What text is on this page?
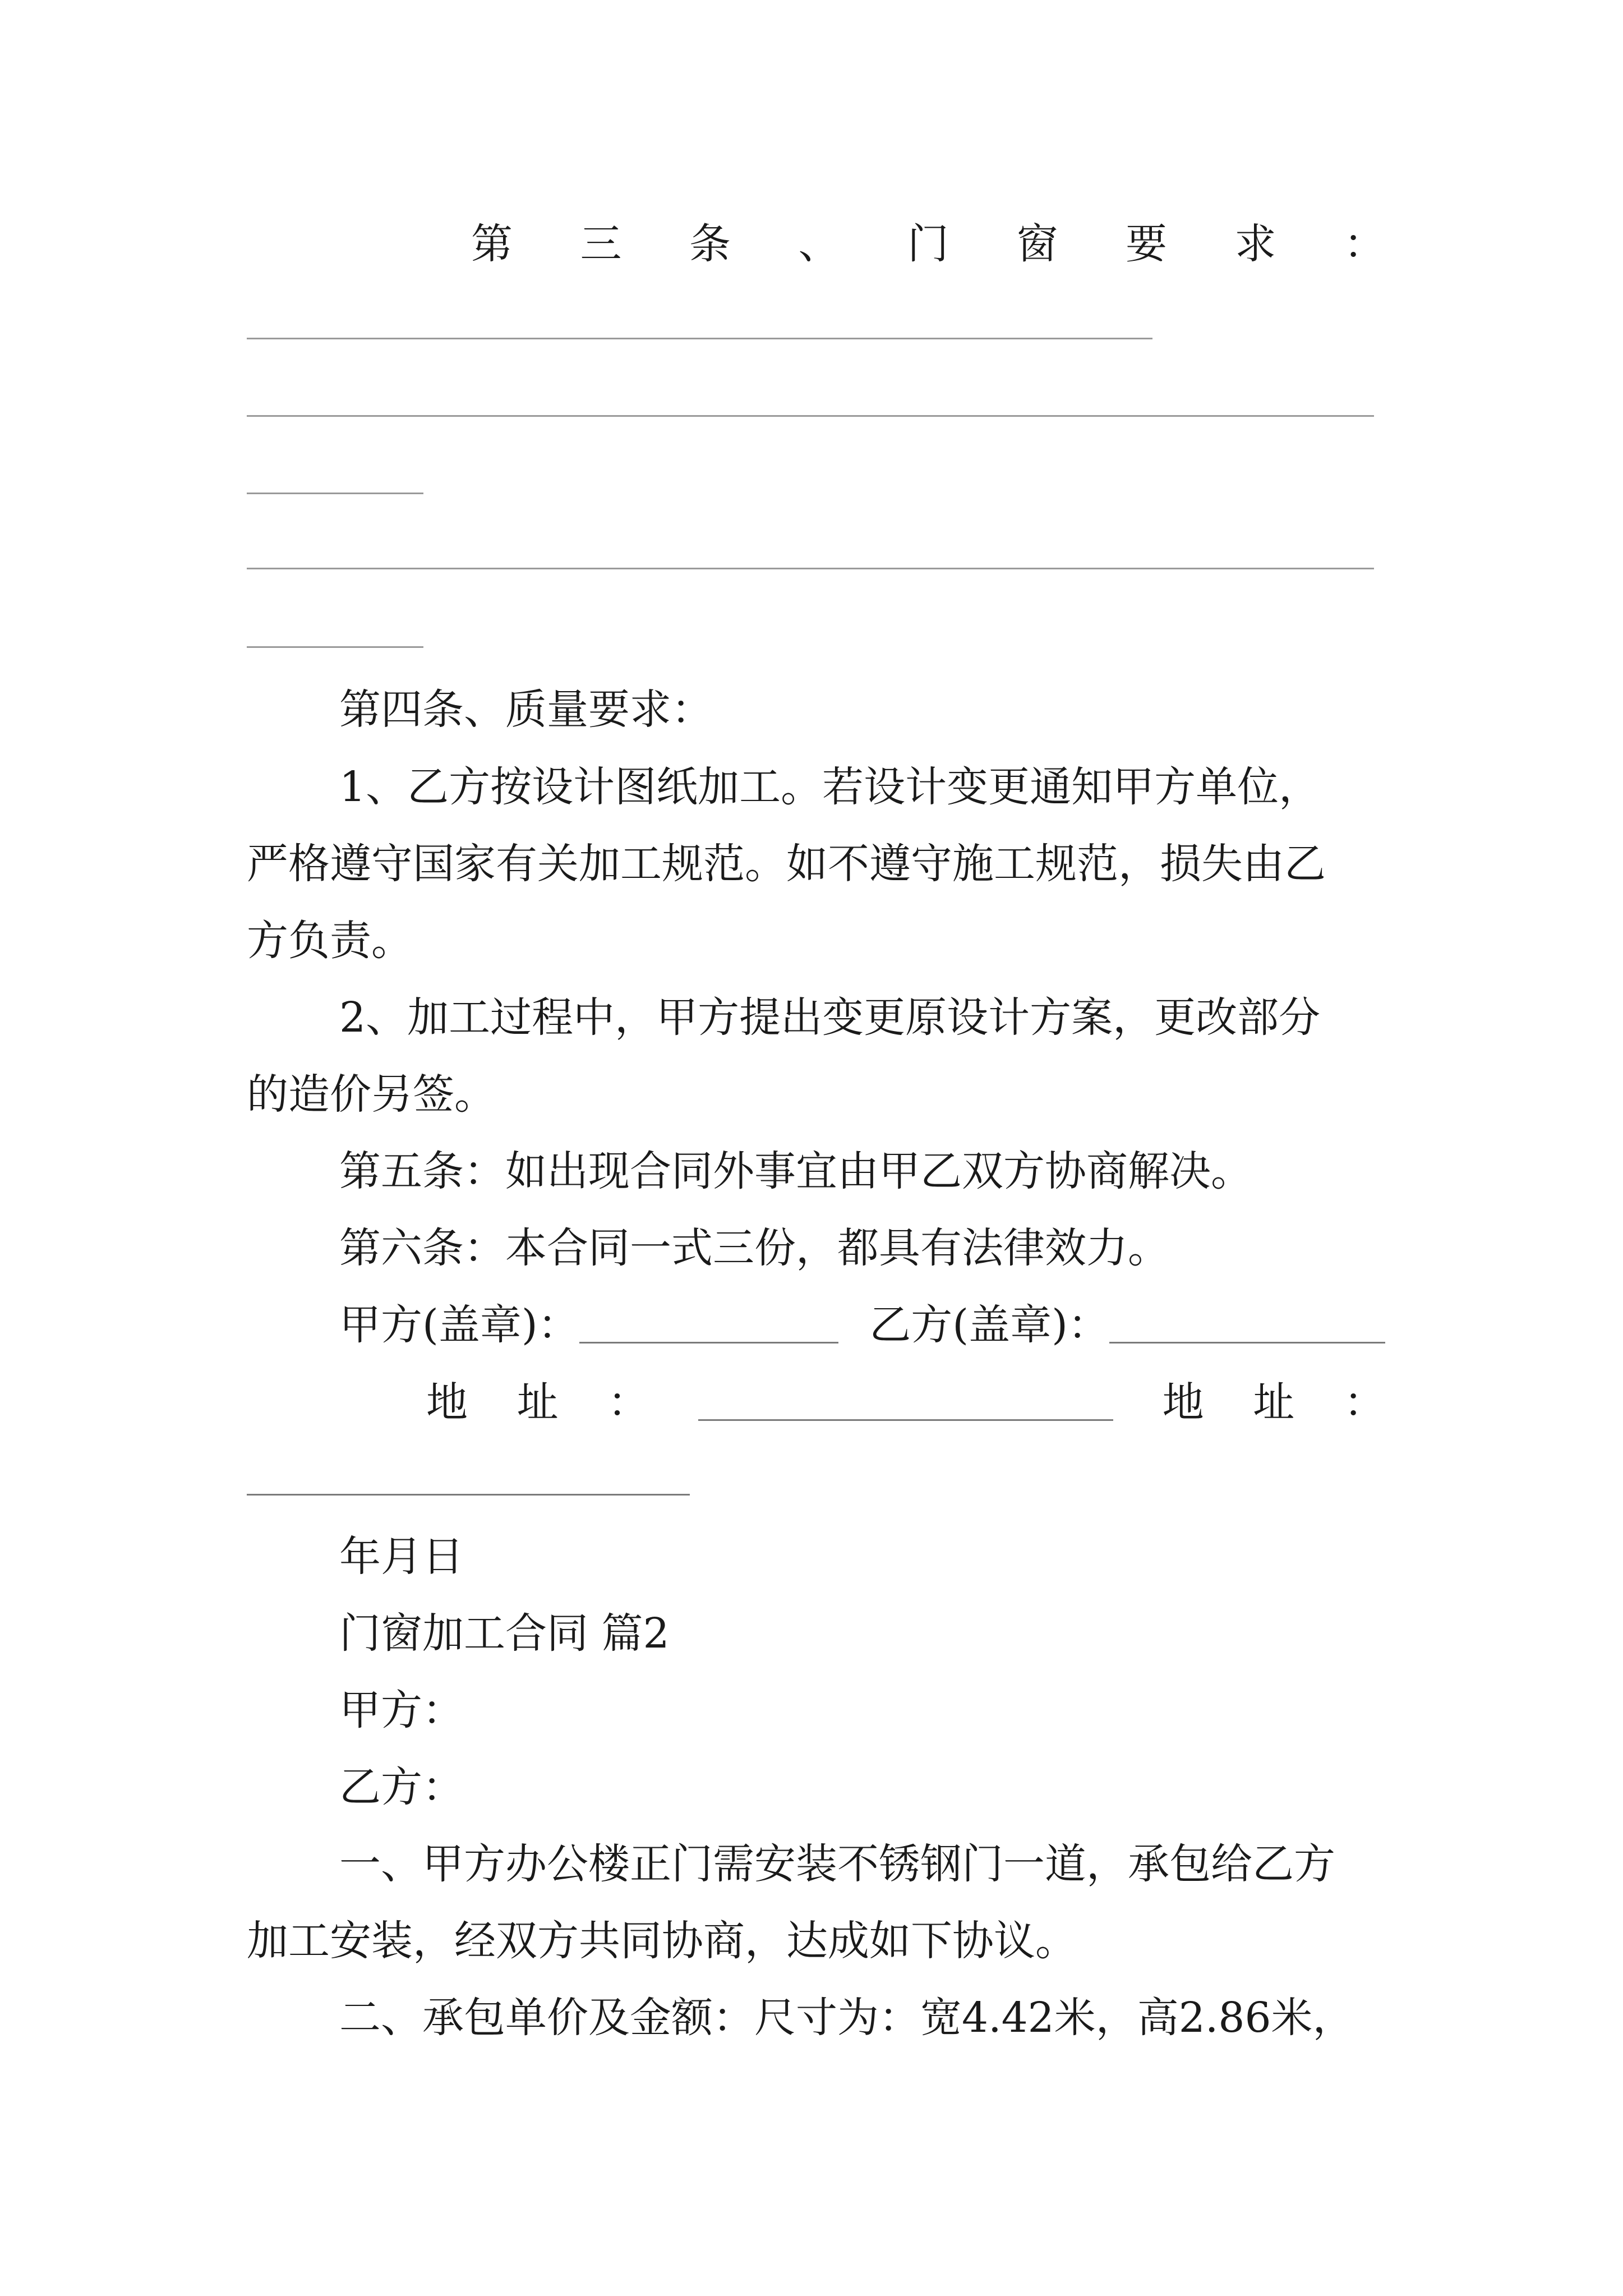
第 三 条 、 门 窗 要 求 ：
第四条、质量要求：
1、乙方按设计图纸加工。若设计变更通知甲方单位，
严格遵守国家有关加工规范。如不遵守施工规范，损失由乙
方负责。
2、加工过程中，甲方提出变更原设计方案，更改部分
的造价另签。
第五条：如出现合同外事宜由甲乙双方协商解决。
第六条：本合同一式三份，都具有法律效力。
甲方(盖章)：	乙方(盖章)：
地 址 ：	地 址 ：
年月日
门窗加工合同 篇2
甲方：
乙方：
一、甲方办公楼正门需安装不锈钢门一道，承包给乙方
加工安装，经双方共同协商，达成如下协议。
二、承包单价及金额：尺寸为：宽4.42米，高2.86米，
